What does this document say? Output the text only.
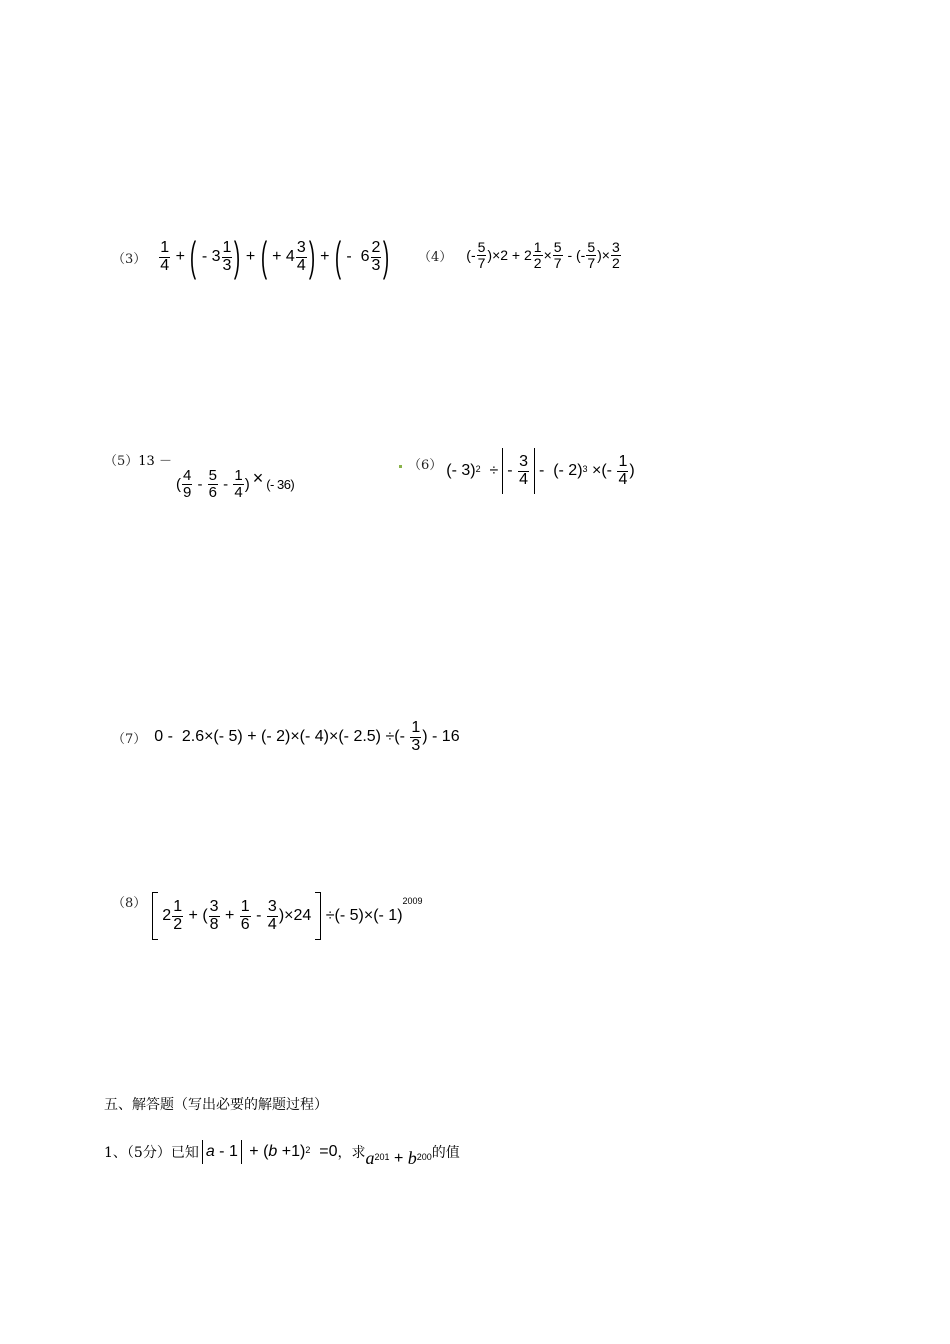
$(3) \frac{1}{4}$ + ( - $3 \frac{1}{3}$ ) + ( + $4 \frac{3}{4}$ ) + ( -  $6 \frac{2}{3}$ ) （4） (- $\frac{5}{7} )\times 2 + 2 \frac{1}{2} \times \frac{5}{7}$ - (- $\frac{5}{7}$ )× $\frac{3}{2}$
（5） 13 －
( $\frac{4}{9} - \frac{5}{6} - \frac{1}{4}$ ) × (- 36)
（6） (- 3) 2 ÷ - $\frac{3}{4}$ -  (- 2) 3 ×(- $\frac{1}{4}$ )
（7） 0 -  2.6×(- 5) + (- 2)×(- 4)×(- 2.5) ÷(- $\frac{1}{3}$ ) - 16
（8）
$2 \frac{1}{2}$ + ( $\frac{3}{8} + \frac{1}{6} - \frac{3}{4} )\times 24$ ÷(- 5)×(- 1)
2009
五、解答题（写出必要的解题过程）
1、（5分）已知 a - 1 + ( b +1) 2 =0 ，求 a 201 + b 200 的值
